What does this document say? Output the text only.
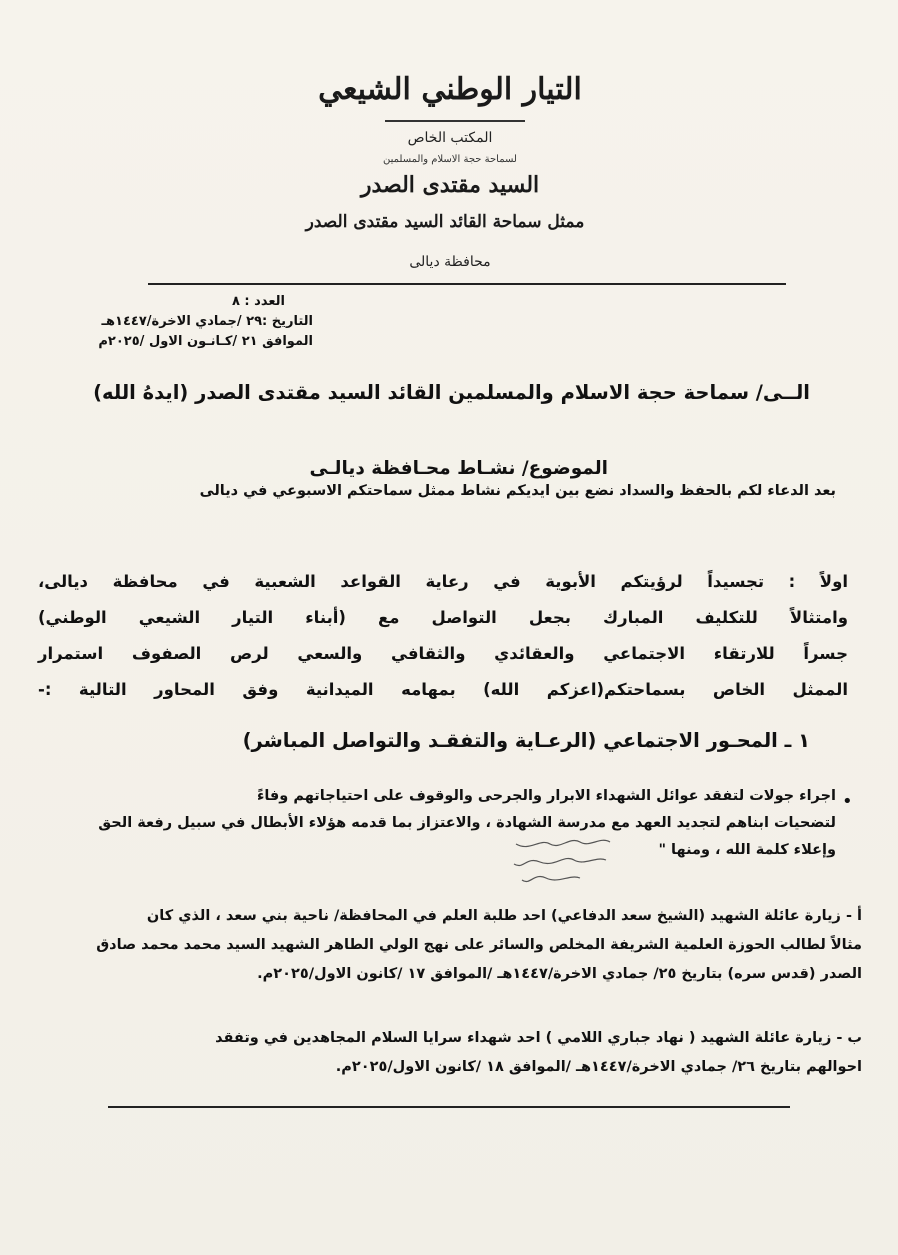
التيار الوطني الشيعي
المكتب الخاص
لسماحة حجة الاسلام والمسلمين
السيد مقتدى الصدر
ممثل سماحة القائد السيد مقتدى الصدر
محافظة ديالى
العدد : ٨
التاريخ :٢٩ /جمادي الاخرة/١٤٤٧هـ
الموافق ٢١ /كـانـون الاول /٢٠٢٥م
الــى/ سماحة حجة الاسلام والمسلمين القائد السيد مقتدى الصدر (ايدهُ الله)
الموضوع/ نشـاط محـافظة ديالـى
بعد الدعاء لكم بالحفظ والسداد نضع بين ايديكم نشاط ممثل سماحتكم الاسبوعي في ديالى
اولاً : تجسيداً لرؤيتكم الأبوية في رعاية القواعد الشعبية في محافظة ديالى،
وامتثالاً للتكليف المبارك بجعل التواصل مع (أبناء التيار الشيعي الوطني)
جسراً للارتقاء الاجتماعي والعقائدي والثقافي والسعي لرص الصفوف استمرار
الممثل الخاص بسماحتكم(اعزكم الله) بمهامه الميدانية وفق المحاور التالية :-
١ ـ المحـور الاجتماعي (الرعـاية والتفقـد والتواصل المباشر)
•
اجراء جولات لتفقد عوائل الشهداء الابرار والجرحى والوقوف على احتياجاتهم وفاءً
لتضحيات ابناهم لتجديد العهد مع مدرسة الشهادة ، والاعتزاز بما قدمه هؤلاء الأبطال في سبيل رفعة الحق
وإعلاء كلمة الله ، ومنها "
أ - زيارة عائلة الشهيد (الشيخ سعد الدفاعي) احد طلبة العلم في المحافظة/ ناحية بني سعد ، الذي كان
مثالاً لطالب الحوزة العلمية الشريفة المخلص والسائر على نهج الولي الطاهر الشهيد السيد محمد محمد صادق
الصدر (قدس سره) بتاريخ ٢٥/ جمادي الاخرة/١٤٤٧هـ /الموافق ١٧ /كانون الاول/٢٠٢٥م.
ب - زيارة عائلة الشهيد ( نهاد جباري اللامي ) احد شهداء سرايا السلام المجاهدين في وتفقد
احوالهم بتاريخ ٢٦/ جمادي الاخرة/١٤٤٧هـ /الموافق ١٨ /كانون الاول/٢٠٢٥م.
